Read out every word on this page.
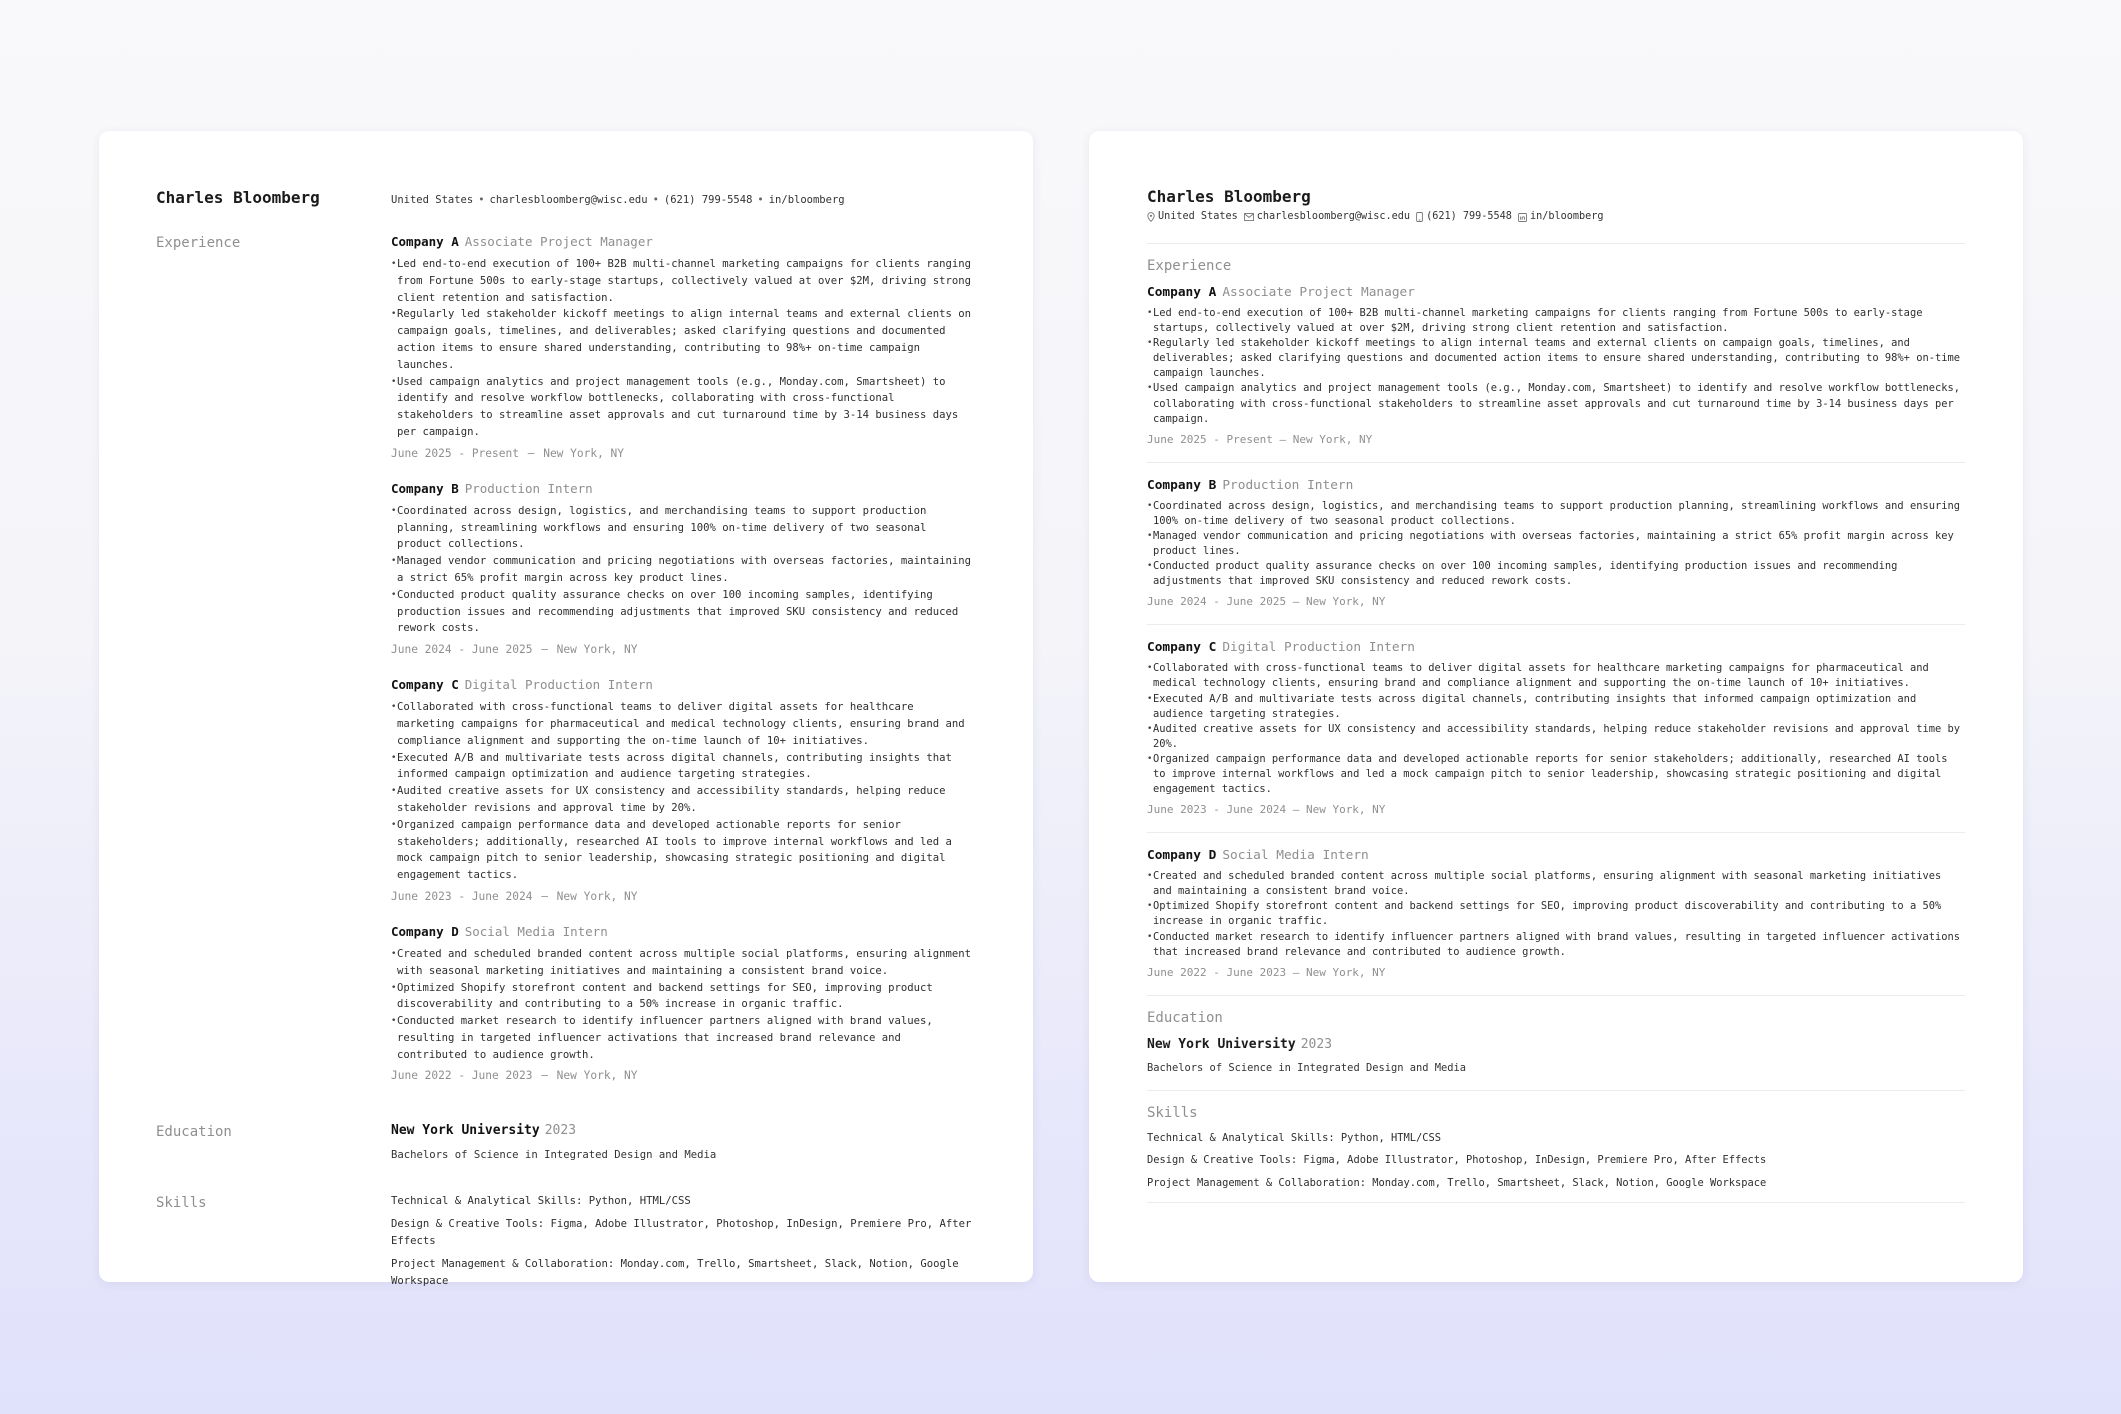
Charles Bloomberg	United States • charlesbloomberg@wisc.edu • (621) 799-5548 • in/bloomberg
Experience	Company A Associate Project Manager
• Led end-to-end execution of 100+ B2B multi-channel marketing campaigns for clients ranging from Fortune 500s to early-stage startups, collectively valued at over $2M, driving strong client retention and satisfaction.
• Regularly led stakeholder kickoff meetings to align internal teams and external clients on campaign goals, timelines, and deliverables; asked clarifying questions and documented action items to ensure shared understanding, contributing to 98%+ on-time campaign launches.
• Used campaign analytics and project management tools (e.g., Monday.com, Smartsheet) to identify and resolve workflow bottlenecks, collaborating with cross-functional stakeholders to streamline asset approvals and cut turnaround time by 3-14 business days per campaign.
June 2025 - Present – New York, NY
Company B Production Intern
• Coordinated across design, logistics, and merchandising teams to support production planning, streamlining workflows and ensuring 100% on-time delivery of two seasonal product collections.
• Managed vendor communication and pricing negotiations with overseas factories, maintaining a strict 65% profit margin across key product lines.
• Conducted product quality assurance checks on over 100 incoming samples, identifying production issues and recommending adjustments that improved SKU consistency and reduced rework costs.
June 2024 - June 2025 – New York, NY
Company C Digital Production Intern
• Collaborated with cross-functional teams to deliver digital assets for healthcare marketing campaigns for pharmaceutical and medical technology clients, ensuring brand and compliance alignment and supporting the on-time launch of 10+ initiatives.
• Executed A/B and multivariate tests across digital channels, contributing insights that informed campaign optimization and audience targeting strategies.
• Audited creative assets for UX consistency and accessibility standards, helping reduce stakeholder revisions and approval time by 20%.
• Organized campaign performance data and developed actionable reports for senior stakeholders; additionally, researched AI tools to improve internal workflows and led a mock campaign pitch to senior leadership, showcasing strategic positioning and digital engagement tactics.
June 2023 - June 2024 – New York, NY
Company D Social Media Intern
• Created and scheduled branded content across multiple social platforms, ensuring alignment with seasonal marketing initiatives and maintaining a consistent brand voice.
• Optimized Shopify storefront content and backend settings for SEO, improving product discoverability and contributing to a 50% increase in organic traffic.
• Conducted market research to identify influencer partners aligned with brand values, resulting in targeted influencer activations that increased brand relevance and contributed to audience growth.
June 2022 - June 2023 – New York, NY
Education	New York University 2023
Bachelors of Science in Integrated Design and Media
Skills	Technical & Analytical Skills: Python, HTML/CSS
Design & Creative Tools: Figma, Adobe Illustrator, Photoshop, InDesign, Premiere Pro, After Effects
Project Management & Collaboration: Monday.com, Trello, Smartsheet, Slack, Notion, Google Workspace
Charles Bloomberg
United States charlesbloomberg@wisc.edu (621) 799-5548 in/bloomberg
Experience
Company A Associate Project Manager
• Led end-to-end execution of 100+ B2B multi-channel marketing campaigns for clients ranging from Fortune 500s to early-stage startups, collectively valued at over $2M, driving strong client retention and satisfaction.
• Regularly led stakeholder kickoff meetings to align internal teams and external clients on campaign goals, timelines, and deliverables; asked clarifying questions and documented action items to ensure shared understanding, contributing to 98%+ on-time campaign launches.
• Used campaign analytics and project management tools (e.g., Monday.com, Smartsheet) to identify and resolve workflow bottlenecks, collaborating with cross-functional stakeholders to streamline asset approvals and cut turnaround time by 3-14 business days per campaign.
June 2025 - Present – New York, NY
Company B Production Intern
• Coordinated across design, logistics, and merchandising teams to support production planning, streamlining workflows and ensuring 100% on-time delivery of two seasonal product collections.
• Managed vendor communication and pricing negotiations with overseas factories, maintaining a strict 65% profit margin across key product lines.
• Conducted product quality assurance checks on over 100 incoming samples, identifying production issues and recommending adjustments that improved SKU consistency and reduced rework costs.
June 2024 - June 2025 – New York, NY
Company C Digital Production Intern
• Collaborated with cross-functional teams to deliver digital assets for healthcare marketing campaigns for pharmaceutical and medical technology clients, ensuring brand and compliance alignment and supporting the on-time launch of 10+ initiatives.
• Executed A/B and multivariate tests across digital channels, contributing insights that informed campaign optimization and audience targeting strategies.
• Audited creative assets for UX consistency and accessibility standards, helping reduce stakeholder revisions and approval time by 20%.
• Organized campaign performance data and developed actionable reports for senior stakeholders; additionally, researched AI tools to improve internal workflows and led a mock campaign pitch to senior leadership, showcasing strategic positioning and digital engagement tactics.
June 2023 - June 2024 – New York, NY
Company D Social Media Intern
• Created and scheduled branded content across multiple social platforms, ensuring alignment with seasonal marketing initiatives and maintaining a consistent brand voice.
• Optimized Shopify storefront content and backend settings for SEO, improving product discoverability and contributing to a 50% increase in organic traffic.
• Conducted market research to identify influencer partners aligned with brand values, resulting in targeted influencer activations that increased brand relevance and contributed to audience growth.
June 2022 - June 2023 – New York, NY
Education
New York University 2023
Bachelors of Science in Integrated Design and Media
Skills
Technical & Analytical Skills: Python, HTML/CSS
Design & Creative Tools: Figma, Adobe Illustrator, Photoshop, InDesign, Premiere Pro, After Effects
Project Management & Collaboration: Monday.com, Trello, Smartsheet, Slack, Notion, Google Workspace
